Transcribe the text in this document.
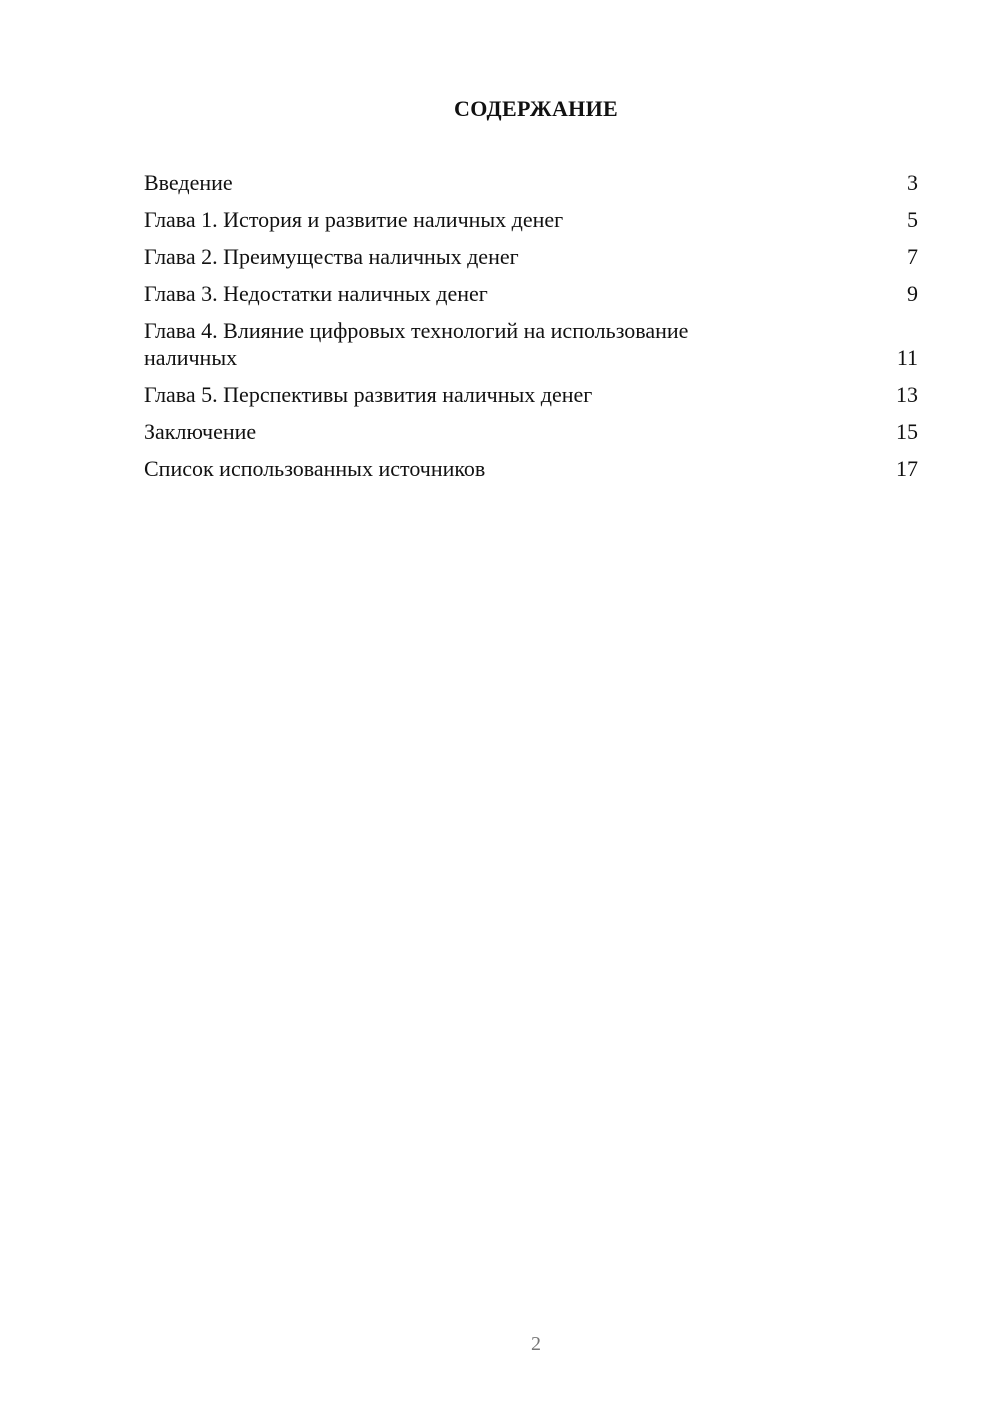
СОДЕРЖАНИЕ
Введение	3
Глава 1. История и развитие наличных денег	5
Глава 2. Преимущества наличных денег	7
Глава 3. Недостатки наличных денег	9
Глава 4. Влияние цифровых технологий на использование наличных	11
Глава 5. Перспективы развития наличных денег	13
Заключение	15
Список использованных источников	17
2
